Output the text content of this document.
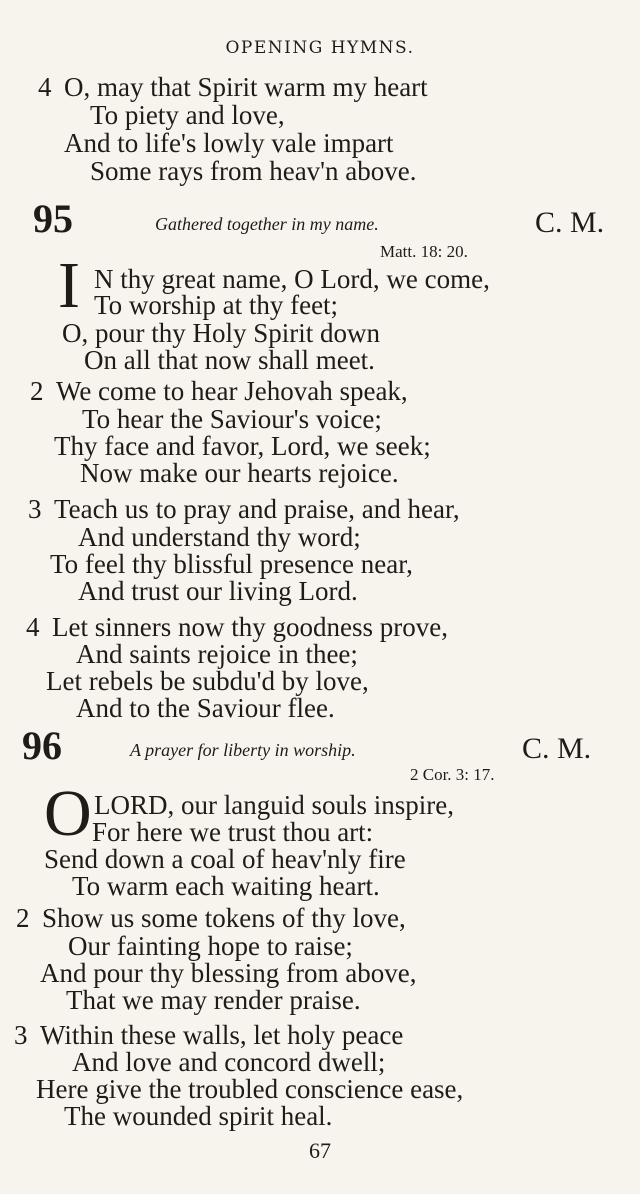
OPENING HYMNS.
4 O, may that Spirit warm my heart
To piety and love,
And to life's lowly vale impart
Some rays from heav'n above.
95	Gathered together in my name.	C. M.
Matt. 18: 20.
I N thy great name, O Lord, we come,
To worship at thy feet;
O, pour thy Holy Spirit down
On all that now shall meet.
2 We come to hear Jehovah speak,
To hear the Saviour's voice;
Thy face and favor, Lord, we seek;
Now make our hearts rejoice.
3 Teach us to pray and praise, and hear,
And understand thy word;
To feel thy blissful presence near,
And trust our living Lord.
4 Let sinners now thy goodness prove,
And saints rejoice in thee;
Let rebels be subdu'd by love,
And to the Saviour flee.
96	A prayer for liberty in worship.	C. M.
2 Cor. 3: 17.
O LORD, our languid souls inspire,
For here we trust thou art:
Send down a coal of heav'nly fire
To warm each waiting heart.
2 Show us some tokens of thy love,
Our fainting hope to raise;
And pour thy blessing from above,
That we may render praise.
3 Within these walls, let holy peace
And love and concord dwell;
Here give the troubled conscience ease,
The wounded spirit heal.
67
